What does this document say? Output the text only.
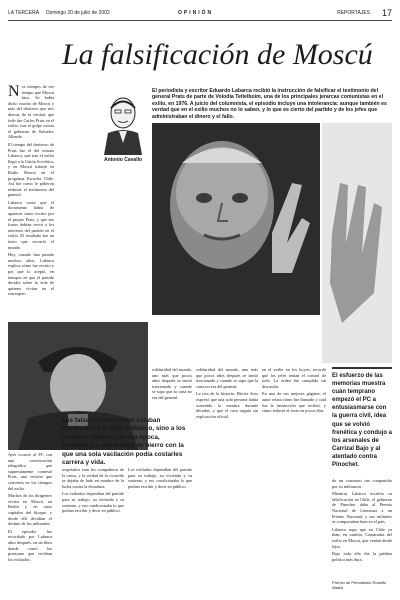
LA TERCERA Domingo 20 de julio de 2003	OPINIÓN	REPORTAJES 17
La falsificación de Moscú
El periodista y escritor Eduardo Labarca recibió la instrucción de falsificar el testimonio del general Prats de parte de Volodia Teitelboim, una de los principales jerarcas comunistas en el exilio, en 1976. A juicio del columnista, el episodio incluye una intolerancia: aunque también es verdad que en el exilio muchos no lo saben, y lo que es cierto del partido y de los jefes que administraban el dinero y el fallo.
N os tiempos de ese tiempo que Moscú hizo. Se había dicho mucho de Moscú y más del destierro que nos dieron, de la verdad, que todo fue Carlos Prats en el exilio, tras el golpe contra el gobierno de Salvador Allende.

El tiempo del destierro de Prats fue el del mismo Labarca, que tras el exilio llegó a la Unión Soviética, y en Moscú trabajó en Radio Moscú en el programa Escucha Chile. Así fue como le pidieron redactar el testimonio del general.

Labarca contó que el documento había de aparecer como escrito por el propio Prats, y que sus frases debían servir a los intereses del partido en el exilio. El resultado fue un texto que recorrió el mundo.

Hoy, cuando han pasado muchos años, Labarca explica cómo fue escrito y por qué lo aceptó, en tiempos en que el partido decidía sobre la vida de quienes vivían en el extranjero.

Antonio Cavallo

Ayer ocurrió al PC con una conversación telegráfica que supuestamente contestó Prats, una versión que convenía en los tiempos del exilio.

Muchos de los dirigentes vivían en Moscú, en Berlín y en otras capitales del bloque, y desde allí decidían el destino de los militantes.

El episodio fue recordado por Labarca años después, en un libro donde contó las presiones que recibían los exiliados.

Las falsas memorias no estaban destinadas a la RDA o México, sino a los militares chilenos de esa época, sometidos a una lealtad de hierro con la que una sola vacilación podía costarles carrera y vida.

respetados eran los compañeros de la causa, y la verdad de lo ocurrido se dejaba de lado en nombre de la lucha contra la dictadura.

Los exiliados dependían del partido para su trabajo, su vivienda y su sustento, y eso condicionaba lo que podían escribir y decir en público.

Los exiliados dependían del partido para su trabajo, su vivienda y su sustento, y eso condicionaba lo que podían escribir y decir en público.

solidaridad del mundo, uno más que pocos años después se sintió traicionado y cuando se supo que la carta no era del general.

solidaridad del mundo, uno más que pocos años después se sintió traicionado y cuando se supo que la carta no era del general.

La risa de la historia. Héctor Soto expresó que una sola persona había sostenido la mentira durante décadas, y que el caso seguía sin explicación oficial.

en el exilio en los hoyos, recordó que los jefes tenían el control de todo. La orden fue cumplida sin discusión.

En una de sus mejores páginas, el autor relata cómo fue llamado y cuál fue la instrucción que recibió, y cómo redactó el texto en pocos días.

El esfuerzo de las memorias muestra cuán temprano empezó el PC a entusiasmarse con la guerra civil, idea que se volvió frenética y condujo a los arsenales de Carrizal Bajo y al atentado contra Pinochet.

de un consenso tan compartido por su militancia.

Mientras Labarca escribía su falsificación en Chile, el gobierno de Pinochet daba al Premio Nacional de Literatura a un Premio Nacional, y sus militares se comportaban bien en el país.

Labarca supo que en Chile ya iban, en cambio, Camaradas del exilio en Moscú, que venían desde lejos.

Bajo todo ello iba la palabra política más dura.

Premio de Periodismo Rodolfo Walsh
